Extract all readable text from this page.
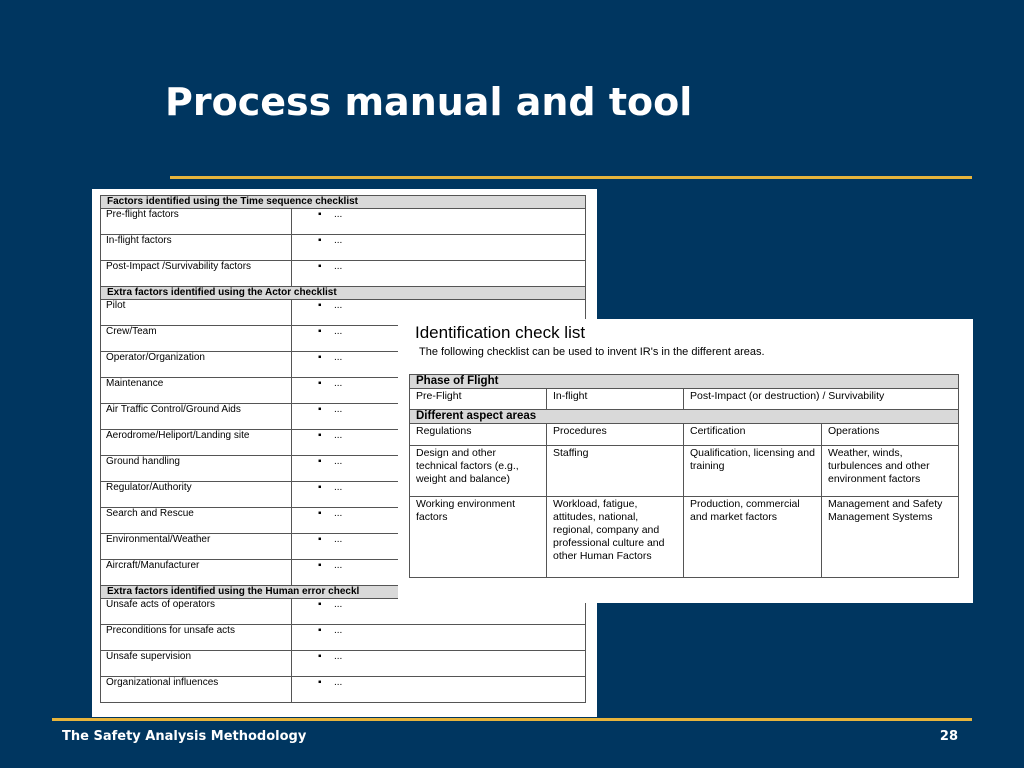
Process manual and tool
Factors identified using the Time sequence checklist	
Pre-flight factors	▪ ...
In-flight factors	▪ ...
Post-Impact /Survivability factors	▪ ...
Extra factors identified using the Actor checklist	
Pilot	▪ ...
Crew/Team	▪ ...
Operator/Organization	▪ ...
Maintenance	▪ ...
Air Traffic Control/Ground Aids	▪ ...
Aerodrome/Heliport/Landing site	▪ ...
Ground handling	▪ ...
Regulator/Authority	▪ ...
Search and Rescue	▪ ...
Environmental/Weather	▪ ...
Aircraft/Manufacturer	▪ ...
Extra factors identified using the Human error checkl	
Unsafe acts of operators	▪ ...
Preconditions for unsafe acts	▪ ...
Unsafe supervision	▪ ...
Organizational influences	▪ ...
Identification check list
The following checklist can be used to invent IR's in the different areas.
Phase of Flight			
Pre-Flight	In-flight	Post-Impact (or destruction) / Survivability	
Different aspect areas			
Regulations	Procedures	Certification	Operations
Design and other technical factors (e.g., weight and balance)	Staffing	Qualification, licensing and training	Weather, winds, turbulences and other environment factors
Working environment factors	Workload, fatigue, attitudes, national, regional, company and professional culture and other Human Factors	Production, commercial and market factors	Management and Safety Management Systems
The Safety Analysis Methodology	28
